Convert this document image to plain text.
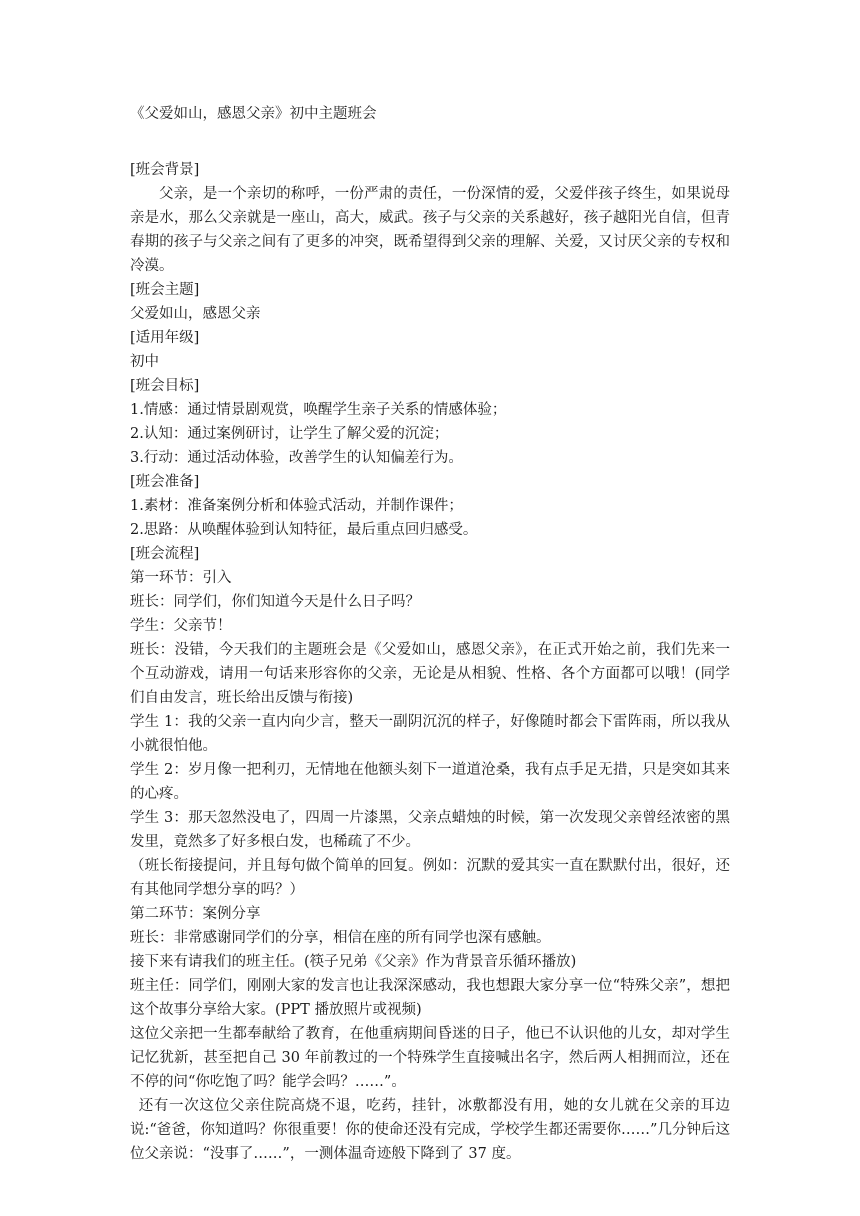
《父爱如山，感恩父亲》初中主题班会

[班会背景]

父亲，是一个亲切的称呼，一份严肃的责任，一份深情的爱，父爱伴孩子终生，如果说母亲是水，那么父亲就是一座山，高大，威武。孩子与父亲的关系越好，孩子越阳光自信，但青春期的孩子与父亲之间有了更多的冲突，既希望得到父亲的理解、关爱，又讨厌父亲的专权和冷漠。

[班会主题]

父爱如山，感恩父亲

[适用年级]

初中

[班会目标]

1.情感：通过情景剧观赏，唤醒学生亲子关系的情感体验；

2.认知：通过案例研讨，让学生了解父爱的沉淀；

3.行动：通过活动体验，改善学生的认知偏差行为。

[班会准备]

1.素材：准备案例分析和体验式活动，并制作课件；

2.思路：从唤醒体验到认知特征，最后重点回归感受。

[班会流程]

第一环节：引入

班长：同学们，你们知道今天是什么日子吗？

学生：父亲节！

班长：没错，今天我们的主题班会是《父爱如山，感恩父亲》，在正式开始之前，我们先来一个互动游戏，请用一句话来形容你的父亲，无论是从相貌、性格、各个方面都可以哦！(同学们自由发言，班长给出反馈与衔接)

学生 1：我的父亲一直内向少言，整天一副阴沉沉的样子，好像随时都会下雷阵雨，所以我从小就很怕他。

学生 2：岁月像一把利刃，无情地在他额头刻下一道道沧桑，我有点手足无措，只是突如其来的心疼。

学生 3：那天忽然没电了，四周一片漆黑，父亲点蜡烛的时候，第一次发现父亲曾经浓密的黑发里，竟然多了好多根白发，也稀疏了不少。

（班长衔接提问，并且每句做个简单的回复。例如：沉默的爱其实一直在默默付出，很好，还有其他同学想分享的吗？）

第二环节：案例分享

班长：非常感谢同学们的分享，相信在座的所有同学也深有感触。

接下来有请我们的班主任。(筷子兄弟《父亲》作为背景音乐循环播放)

班主任：同学们，刚刚大家的发言也让我深深感动，我也想跟大家分享一位“特殊父亲”，想把这个故事分享给大家。(PPT 播放照片或视频)

这位父亲把一生都奉献给了教育，在他重病期间昏迷的日子，他已不认识他的儿女，却对学生记忆犹新，甚至把自己 30 年前教过的一个特殊学生直接喊出名字，然后两人相拥而泣，还在不停的问“你吃饱了吗？能学会吗？……”。

还有一次这位父亲住院高烧不退，吃药，挂针，冰敷都没有用，她的女儿就在父亲的耳边说:“爸爸，你知道吗？你很重要！你的使命还没有完成，学校学生都还需要你……”几分钟后这位父亲说：“没事了……”，一测体温奇迹般下降到了 37 度。
